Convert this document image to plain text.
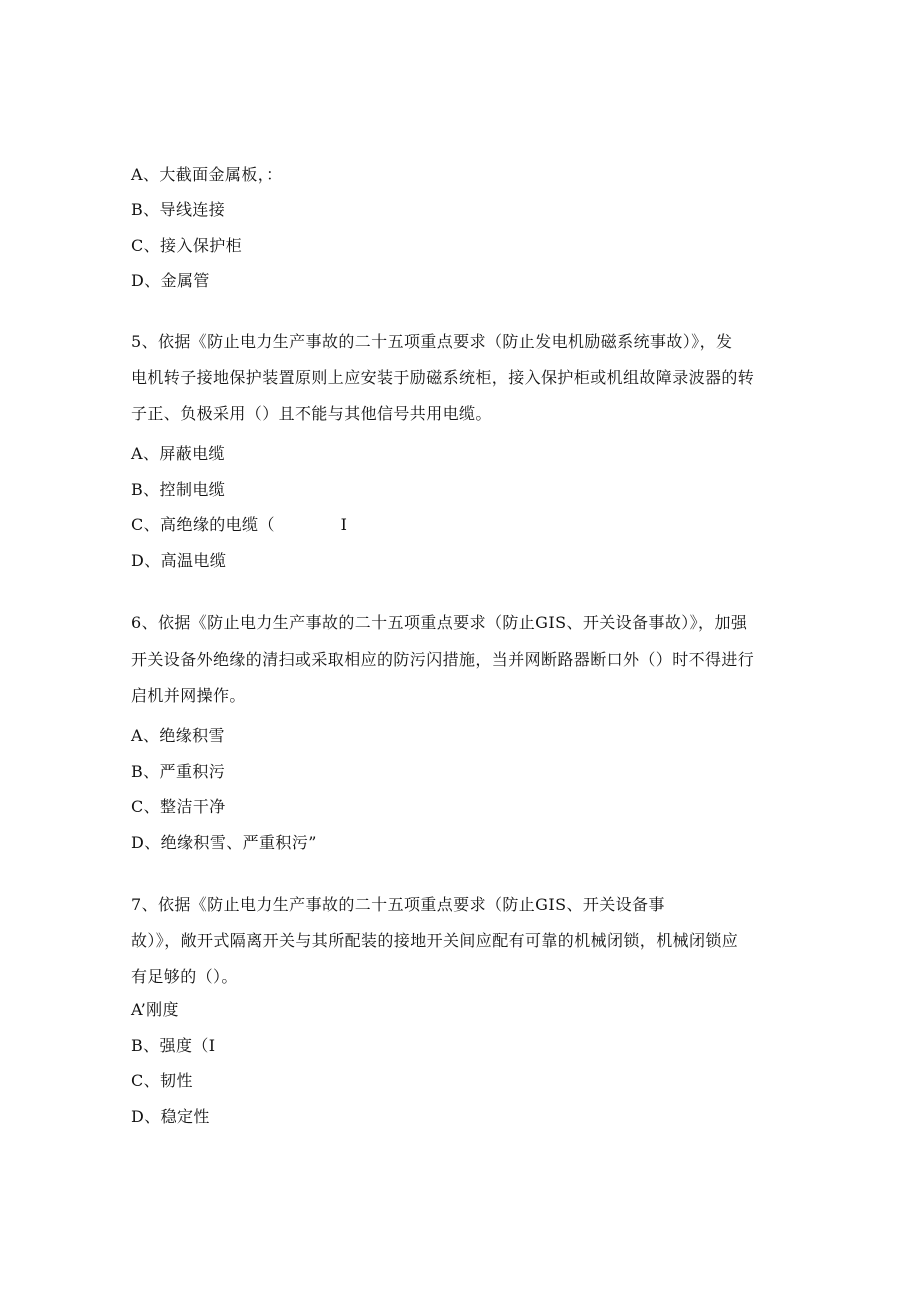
A、大截面金属板，：
B、导线连接
C、接入保护柜
D、金属管
5、依据《防止电力生产事故的二十五项重点要求（防止发电机励磁系统事故）》，发
电机转子接地保护装置原则上应安装于励磁系统柜，接入保护柜或机组故障录波器的转
子正、负极采用（）且不能与其他信号共用电缆。
A、屏蔽电缆
B、控制电缆
C、高绝缘的电缆（            I
D、高温电缆
6、依据《防止电力生产事故的二十五项重点要求（防止GIS、开关设备事故）》，加强
开关设备外绝缘的清扫或采取相应的防污闪措施，当并网断路器断口外（）时不得进行
启机并网操作。
A、绝缘积雪
B、严重积污
C、整洁干净
D、绝缘积雪、严重积污”
7、依据《防止电力生产事故的二十五项重点要求（防止GIS、开关设备事
故）》，敞开式隔离开关与其所配装的接地开关间应配有可靠的机械闭锁，机械闭锁应
有足够的（）。
A’刚度
B、强度（I
C、韧性
D、稳定性
